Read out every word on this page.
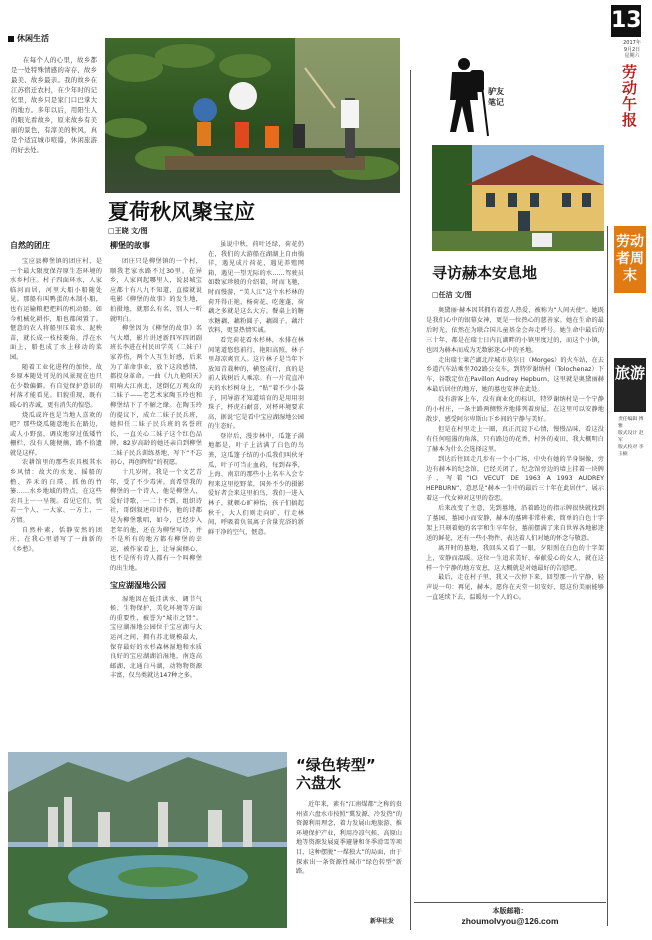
13
2017年
9月2日
星期六
劳动午报
劳动者周末
旅游
责任编辑 博雅
版式设计 赵军
版式校对 李玉楠
休闲生活
在每个人的心里，故乡都是一处特殊情感的寄存，故乡最美、故乡最亲。我的故乡在江苏宿迁农村，在少年时的记忆里，故乡只是家门口巴掌大的地方。多年以后，用阳生人的眼光看故乡，原来故乡有美丽的景色，有淳美的秋风，真是个适宜城市喧嚣，休闲旅游的好去处。
夏荷秋风聚宝应
□王晓 文/图
自然的团庄

宝应县柳堡镇的团庄村，是一个最大限度保存原生态环境的水乡村庄。村子四面环水，人家临河而居，河里大船小船随处见。那船有叫鸭蛋的木制小船，也有运输粮把把料的机动船。如今机械化耕作，船也都闲置了。惬意的农人将船里压着水、泥秧苗，就长成一枝枝菱角，浮在水面上，船也成了水上移动的菜园。

随着工业化进程的加快，故乡原本随处可见的风景现在也只在少数偏僻。有自觉保护意识的村落才能看见。旧貌重现，既有暖心的赤诚，更有消失的惶恐。

烧瓜或许也是当地人喜欢的吧？那些烧瓜随意地长在路边，或人小野蛮，调皮地穿过低矮竹栅栏，没有人随便摘，路不拾遗就是这样。

农耕馆里的那些农具极其水乡风情：故犬的水龙、摇船的橹、养禾的白璞、抓鱼的竹篓……水乡地域的特点，在这些农具上一一呈现。看见它们，恍若一个人、一大家、一方土、一方情。

自然朴素，恬静安然的团庄，在我心里谱写了一曲新的《乡愁》。

柳堡的故事

团庄只是柳堡镇的一个村，顺我老家水路不过30里。在异乡，人家问起哪里人，说县城宝应都十有八九不知道，直接就说电影《柳堡的故事》的发生地，拍摄地，就那么有名，别人一听就明白。

柳堡因为《柳堡的故事》名气大增，影片讲述新四军四团副班长李进在村民田学英（二妹子）家养伤，两个人互生好感，后来为了革命事业，放下这段感情，都投身革命。一曲《九九艳阳天》唱响大江南北，迷倒亿万观众的二妹子——老艺术家陶玉玲也和柳堡结下了不解之缘。在陶玉玲的提议下，成立二妹子民兵班，她担任二妹子民兵班的名誉班长，一直关心二妹子这个红色品牌，82岁高龄的她还亲自到柳堡二妹子民兵训练基地，写下“不忘初心，再创辉煌”的祝愿。

十几岁时，我是一个文艺青年，受了不少毒害。真希望我的柳堡的一个诗人，他是柳堡人，爱好诗歌，一二十不到，组织诗社，哥倒叙述印诗作，他的诗都是为柳堡歌唱，如今，已经步入老年的他，还在为柳堡写诗，并不是所有的地方都有柳堡的幸运，被作家看上，让导演倾心，也不是所有诗人都有一个叫柳堡的出生地。

宝应湖湿地公园

湿地因在低洼洪水、调节气候、生物保护，美化环境等方面的重要性，被誉为“城市之肾”。宝应湖湿地公园位于宝应湖与大运河之间，拥有苏北规模最大，保存最好的水杉森林湿地和水质良好的宝应湖湖泊湿地，南连高邮湖，北通白马湖，动物物资源丰富，仅鸟类就达147种之多。

虽说中秋，荷叶还绿，荷花仍在，我们的大游船在湖湖上自由徜徉，遇见成片荷花，遇见养殖网箱，遇见一望无际的水……驾驶员如数家珍般的介绍着，时而飞驰，时而慢游，“美人江”这个水杉林的荷开得正艳，杨荷花、吃莲蓬，荷藕之多就是这么大方。餐桌上的糖水糖藕，藕粉圆子，藕圆子，藕汁饮料，更显热情实诚。

看完荷花看水杉林，水排在林间笔道悠悠前行，艳阳高照，林子里却凉爽宜人。这片林子是当年下放知青栽种的，横竖成行，真的是前人栽树后人乘凉。有一片荒直冲天的水杉树身上，“贴”着不少小袋子，同导游才知道培育的是用用羽珠子，杯虎石耐喜，对杯环境要求高，据说‘它是看中宝应湖湿地公园的生态好。

登岸后，漫步林中，瓜篷子满地都是，叶子上沾满了白色的鸟粪，这瓜篷子结的小瓜我们叫伙牙瓜，叶子可当止血药，每到春季，上海、南京的那些小上名车入会专程来这里挖野菜，国外不少的摄影爱好者会来这里拍鸟，我们一进入林子，就顿心旷神怡，孩子们搞起秋千，大人们则走向旷，行走林间，呼吸着负氧离子含量充浴的新鲜干净的空气，惬意。

“绿色转型”
六盘水
近年来，素有“江南煤都”之称的贵州省六盘水市按照“冀发源、冷发热”的资源利用理念，着力发展山地旅游、推环境保护产业，利用冷凉气候、高原山地等资源发展夏季避暑和冬季滑雪等项目，这种摆脱“一煤独大”的局面，由于探索出一条资源性城市“绿色转型”新路。
新华社发
驴友
笔记
寻访赫本安息地
□任洁 文/图

奥黛丽·赫本因其拥有着惹人热爱，被称为“人间天使”。她既是我们心中的银幕女神，更是一位热心的慈善家。她在生命的最后时光，依然在为联合国儿童基金会奔走呼号。她生命中最后的三十年，都是在瑞士日内瓦湖畔的小镇里度过的，而这个小镇，也因为赫本而成为无数影迷心中的圣地。

走出瑞士莱芒湖北岸城市莫尔日（Morges）的火车站，在去乡道汽车站乘坐702路公交车，到特罗谢纳村（Tolochenaz）下车，谷歌定位在Pavillon Audrey Hepburn，这里就是奥黛丽赫本最后居住的地方，她的墓也安葬在此处。

没有游客上车，没有商业化的标识，特罗谢纳村是一个宁静的小村庄，一条主路两侧整齐地排列着房屋，在这里可以安静地散步，感受阿尔卑斯山下乡间的宁静与美好。

但是在村里走上一圈，真正沉淀下心情，慢慢品味，看这没有任何喧嚣的角落，只有路边的花香，村外的麦田，我大概明白了赫本为什么会选择这里。

到达后往回走几步有一个小广场，中央有她的半身铜像，旁边有赫本的纪念馆，已经关闭了，纪念馆旁边的墙上挂着一块牌子，写着“ICI VECUT DE 1963 A 1993 AUDREY HEPBURN”，意思是“赫本一生中的最后三十年在此居住”，展示着这一代女神对这里的眷恋。

后来改变了主意，先到墓地，沿着路边的指示牌很快就找到了墓园，墓园小而安静，赫本的墓碑非常朴素，简单的白色十字架上只刻着她的名字和生卒年份，墓前摆满了来自世界各地影迷送的鲜花，还有一些小物件，表达着人们对她的怀念与敬意。

离开时的墓地，我回头又看了一眼，夕阳照在白色的十字架上，安静而温暖。这位一生追求美好、奉献爱心的女人，就在这样一个宁静的地方安息，这大概就是对她最好的告慰吧。

最后，走在村子里，我又一次停下来，回望那一片宁静，轻声说一句：再见，赫本。愿你在天堂一切安好，愿这份美丽能够一直延续下去，温暖每一个人的心。

本版邮箱：
zhoumolvyou@126.com
